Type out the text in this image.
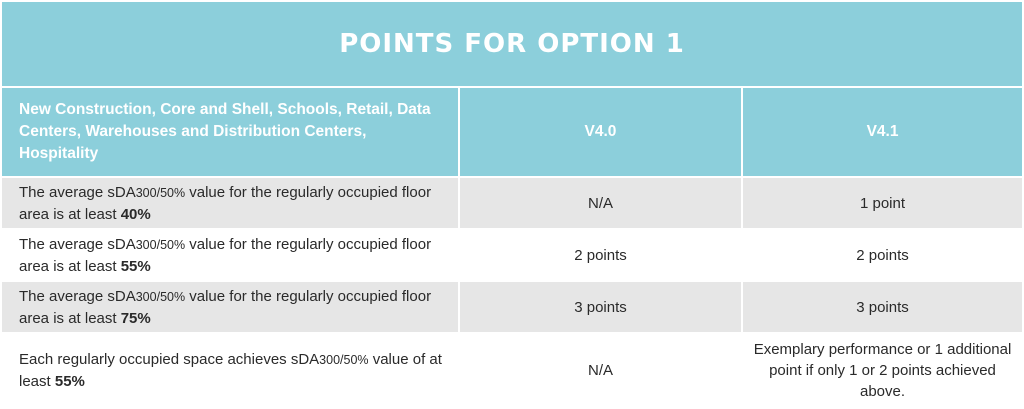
POINTS FOR OPTION 1		
New Construction, Core and Shell, Schools, Retail, Data Centers, Warehouses and Distribution Centers, Hospitality	V4.0	V4.1
The average sDA300/50% value for the regularly occupied floor area is at least 40%	N/A	1 point
The average sDA300/50% value for the regularly occupied floor area is at least 55%	2 points	2 points
The average sDA300/50% value for the regularly occupied floor area is at least 75%	3 points	3 points
Each regularly occupied space achieves sDA300/50% value of at least 55%	N/A	Exemplary performance or 1 additional point if only 1 or 2 points achieved above.
